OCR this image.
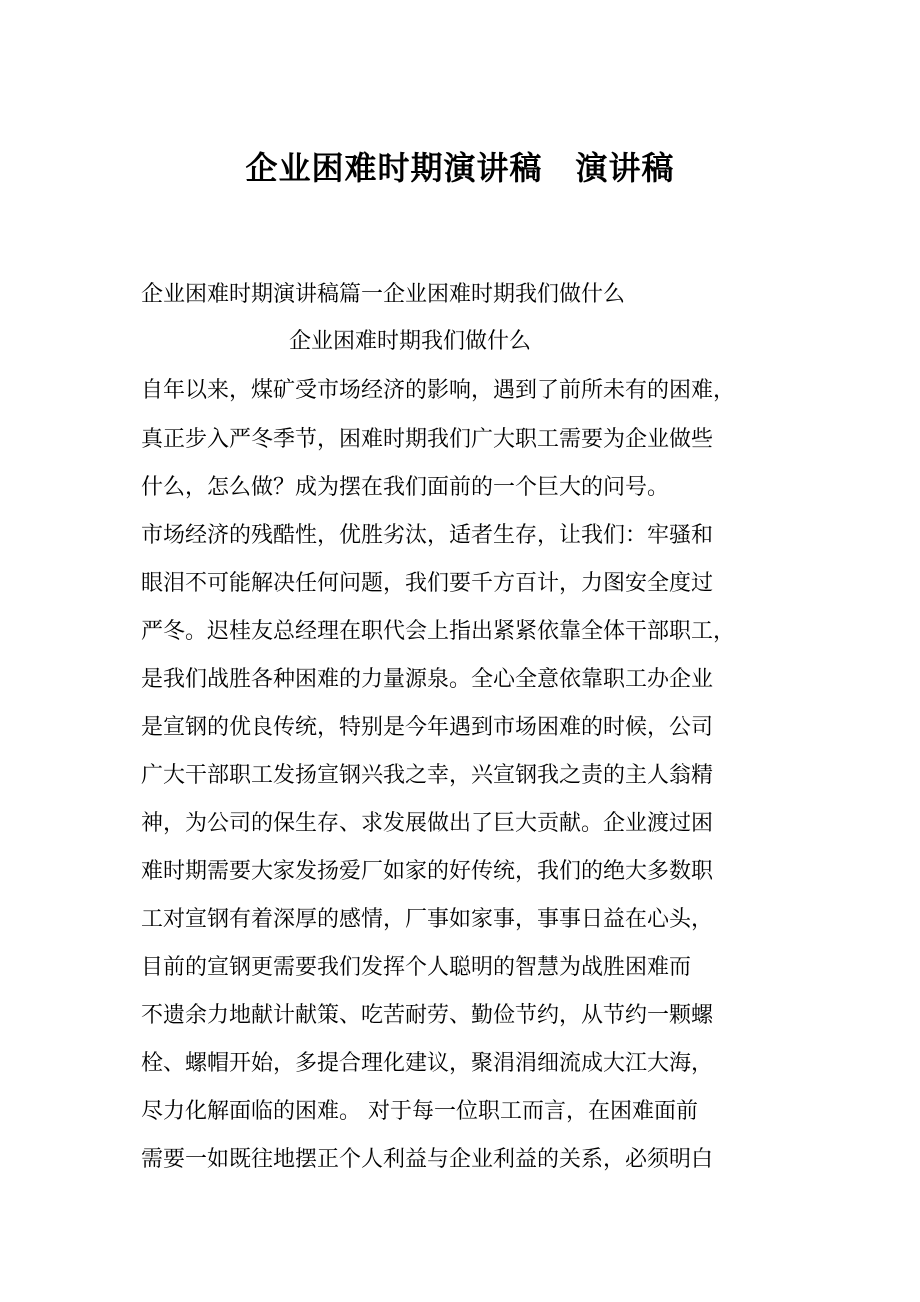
企业困难时期演讲稿　演讲稿
企业困难时期演讲稿篇一企业困难时期我们做什么
企业困难时期我们做什么
自年以来，煤矿受市场经济的影响，遇到了前所未有的困难，
真正步入严冬季节，困难时期我们广大职工需要为企业做些
什么，怎么做？成为摆在我们面前的一个巨大的问号。
市场经济的残酷性，优胜劣汰，适者生存，让我们：牢骚和
眼泪不可能解决任何问题，我们要千方百计，力图安全度过
严冬。迟桂友总经理在职代会上指出紧紧依靠全体干部职工，
是我们战胜各种困难的力量源泉。全心全意依靠职工办企业
是宣钢的优良传统，特别是今年遇到市场困难的时候，公司
广大干部职工发扬宣钢兴我之幸，兴宣钢我之责的主人翁精
神，为公司的保生存、求发展做出了巨大贡献。企业渡过困
难时期需要大家发扬爱厂如家的好传统，我们的绝大多数职
工对宣钢有着深厚的感情，厂事如家事，事事日益在心头，
目前的宣钢更需要我们发挥个人聪明的智慧为战胜困难而
不遗余力地献计献策、吃苦耐劳、勤俭节约，从节约一颗螺
栓、螺帽开始，多提合理化建议，聚涓涓细流成大江大海，
尽力化解面临的困难。 对于每一位职工而言，在困难面前
需要一如既往地摆正个人利益与企业利益的关系，必须明白
